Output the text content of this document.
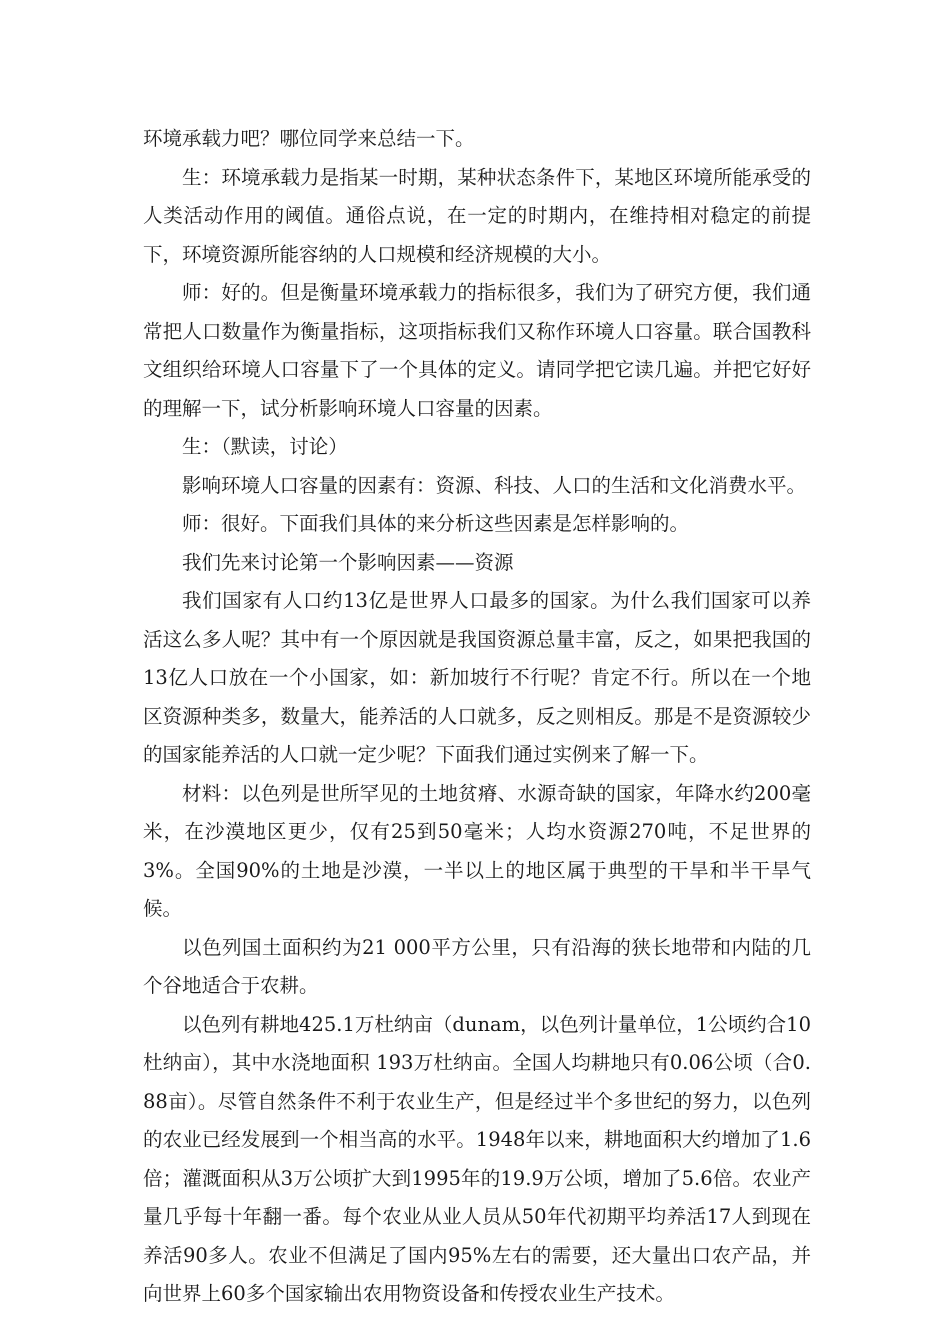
环境承载力吧？哪位同学来总结一下。

生：环境承载力是指某一时期，某种状态条件下，某地区环境所能承受的人类活动作用的阈值。通俗点说，在一定的时期内，在维持相对稳定的前提下，环境资源所能容纳的人口规模和经济规模的大小。

师：好的。但是衡量环境承载力的指标很多，我们为了研究方便，我们通常把人口数量作为衡量指标，这项指标我们又称作环境人口容量。联合国教科文组织给环境人口容量下了一个具体的定义。请同学把它读几遍。并把它好好的理解一下，试分析影响环境人口容量的因素。

生：（默读，讨论）

影响环境人口容量的因素有：资源、科技、人口的生活和文化消费水平。

师：很好。下面我们具体的来分析这些因素是怎样影响的。

我们先来讨论第一个影响因素——资源

我们国家有人口约13亿是世界人口最多的国家。为什么我们国家可以养活这么多人呢？其中有一个原因就是我国资源总量丰富，反之，如果把我国的13亿人口放在一个小国家，如：新加坡行不行呢？肯定不行。所以在一个地区资源种类多，数量大，能养活的人口就多，反之则相反。那是不是资源较少的国家能养活的人口就一定少呢？下面我们通过实例来了解一下。

材料：以色列是世所罕见的土地贫瘠、水源奇缺的国家，年降水约200毫米，在沙漠地区更少，仅有25到50毫米；人均水资源270吨，不足世界的3%。全国90%的土地是沙漠，一半以上的地区属于典型的干旱和半干旱气候。

以色列国土面积约为21 000平方公里，只有沿海的狭长地带和内陆的几个谷地适合于农耕。

以色列有耕地425.1万杜纳亩（dunam，以色列计量单位，1公顷约合10杜纳亩），其中水浇地面积 193万杜纳亩。全国人均耕地只有0.06公顷（合0.88亩）。尽管自然条件不利于农业生产，但是经过半个多世纪的努力，以色列的农业已经发展到一个相当高的水平。1948年以来，耕地面积大约增加了1.6倍；灌溉面积从3万公顷扩大到1995年的19.9万公顷，增加了5.6倍。农业产量几乎每十年翻一番。每个农业从业人员从50年代初期平均养活17人到现在养活90多人。农业不但满足了国内95%左右的需要，还大量出口农产品，并向世界上60多个国家输出农用物资设备和传授农业生产技术。
